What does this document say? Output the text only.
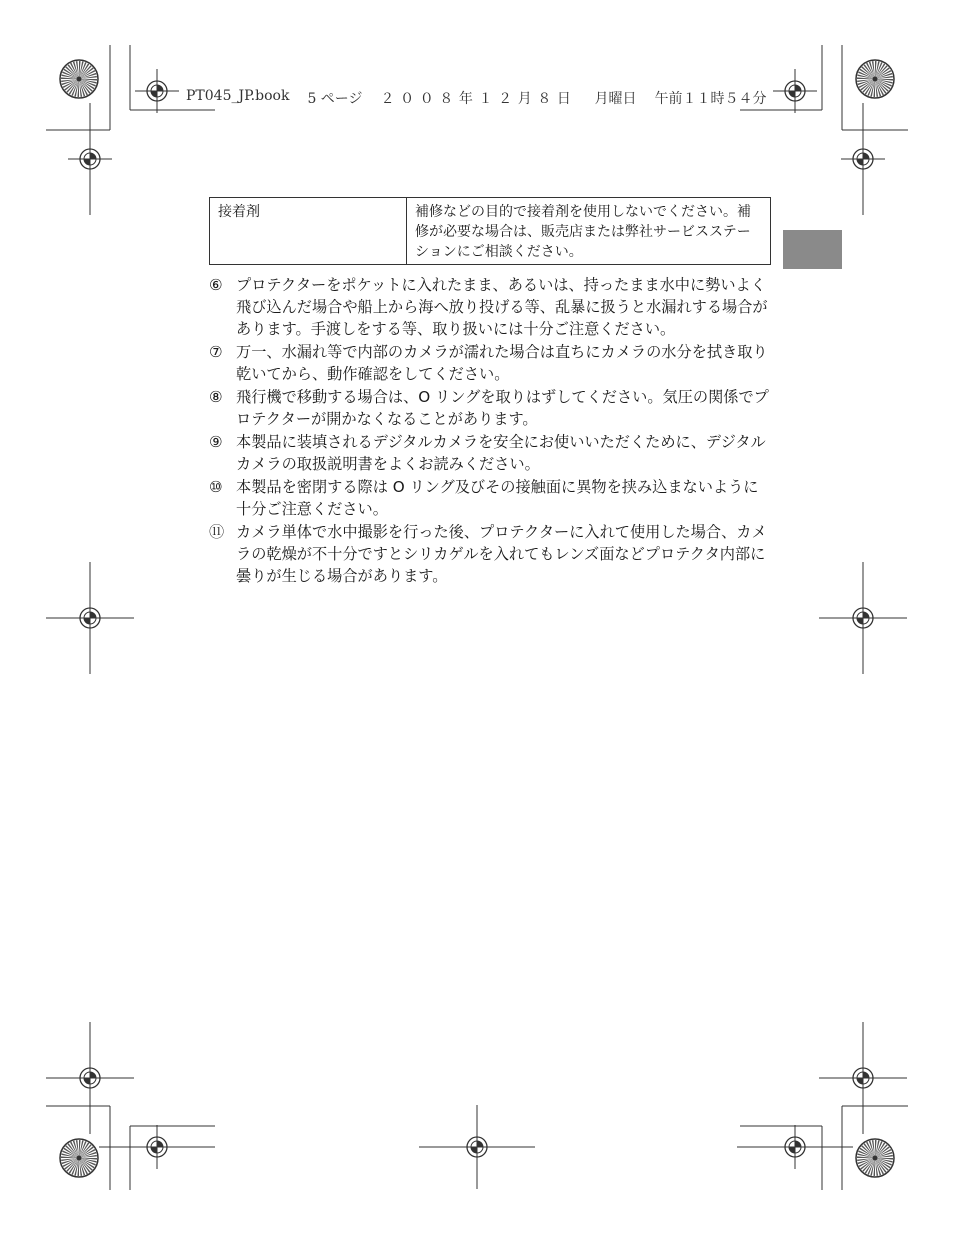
PT045_JP.book 5 ページ ２００８年１２月８日 月曜日 午前１１時５４分
接着剤	補修などの目的で接着剤を使用しないでください。補修が必要な場合は、販売店または弊社サービスステーションにご相談ください。
⑥ プロテクターをポケットに入れたまま、あるいは、持ったまま水中に勢いよく飛び込んだ場合や船上から海へ放り投げる等、乱暴に扱うと水漏れする場合があります。手渡しをする等、取り扱いには十分ご注意ください。
⑦ 万一、水漏れ等で内部のカメラが濡れた場合は直ちにカメラの水分を拭き取り乾いてから、動作確認をしてください。
⑧ 飛行機で移動する場合は、O リングを取りはずしてください。気圧の関係でプロテクターが開かなくなることがあります。
⑨ 本製品に装填されるデジタルカメラを安全にお使いいただくために、デジタルカメラの取扱説明書をよくお読みください。
⑩ 本製品を密閉する際は O リング及びその接触面に異物を挟み込まないように十分ご注意ください。
⑪ カメラ単体で水中撮影を行った後、プロテクターに入れて使用した場合、カメラの乾燥が不十分ですとシリカゲルを入れてもレンズ面などプロテクタ内部に曇りが生じる場合があります。
